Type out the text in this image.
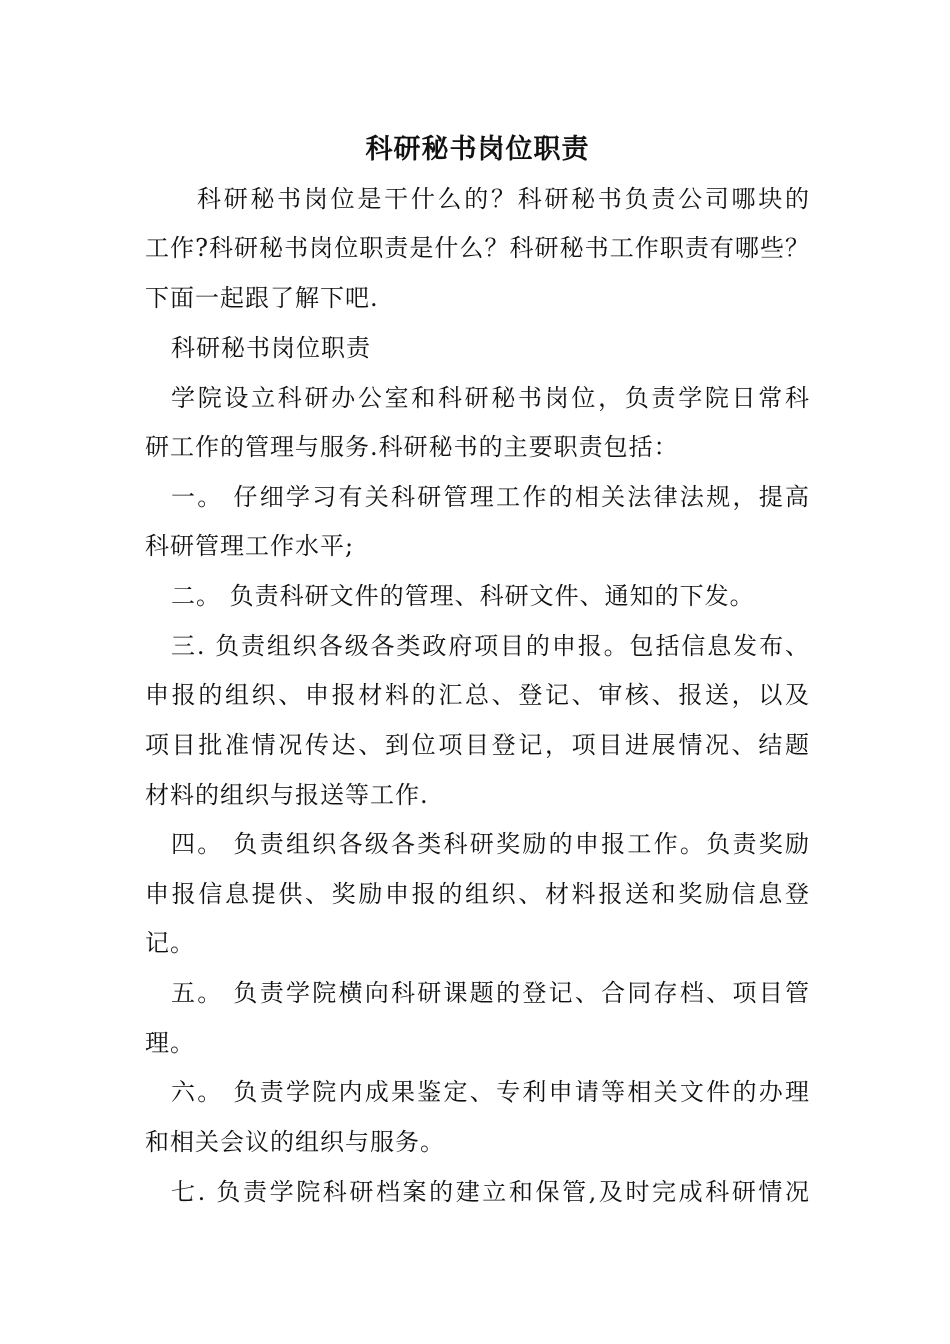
科研秘书岗位职责
科研秘书岗位是干什么的？科研秘书负责公司哪块的
工作?科研秘书岗位职责是什么？科研秘书工作职责有哪些？
下面一起跟了解下吧.
科研秘书岗位职责
学院设立科研办公室和科研秘书岗位，负责学院日常科
研工作的管理与服务.科研秘书的主要职责包括：
一。 仔细学习有关科研管理工作的相关法律法规，提高
科研管理工作水平;
二。 负责科研文件的管理、科研文件、通知的下发。
三. 负责组织各级各类政府项目的申报。包括信息发布、
申报的组织、申报材料的汇总、登记、审核、报送，以及
项目批准情况传达、到位项目登记，项目进展情况、结题
材料的组织与报送等工作.
四。 负责组织各级各类科研奖励的申报工作。负责奖励
申报信息提供、奖励申报的组织、材料报送和奖励信息登
记。
五。 负责学院横向科研课题的登记、合同存档、项目管
理。
六。 负责学院内成果鉴定、专利申请等相关文件的办理
和相关会议的组织与服务。
七. 负责学院科研档案的建立和保管,及时完成科研情况
